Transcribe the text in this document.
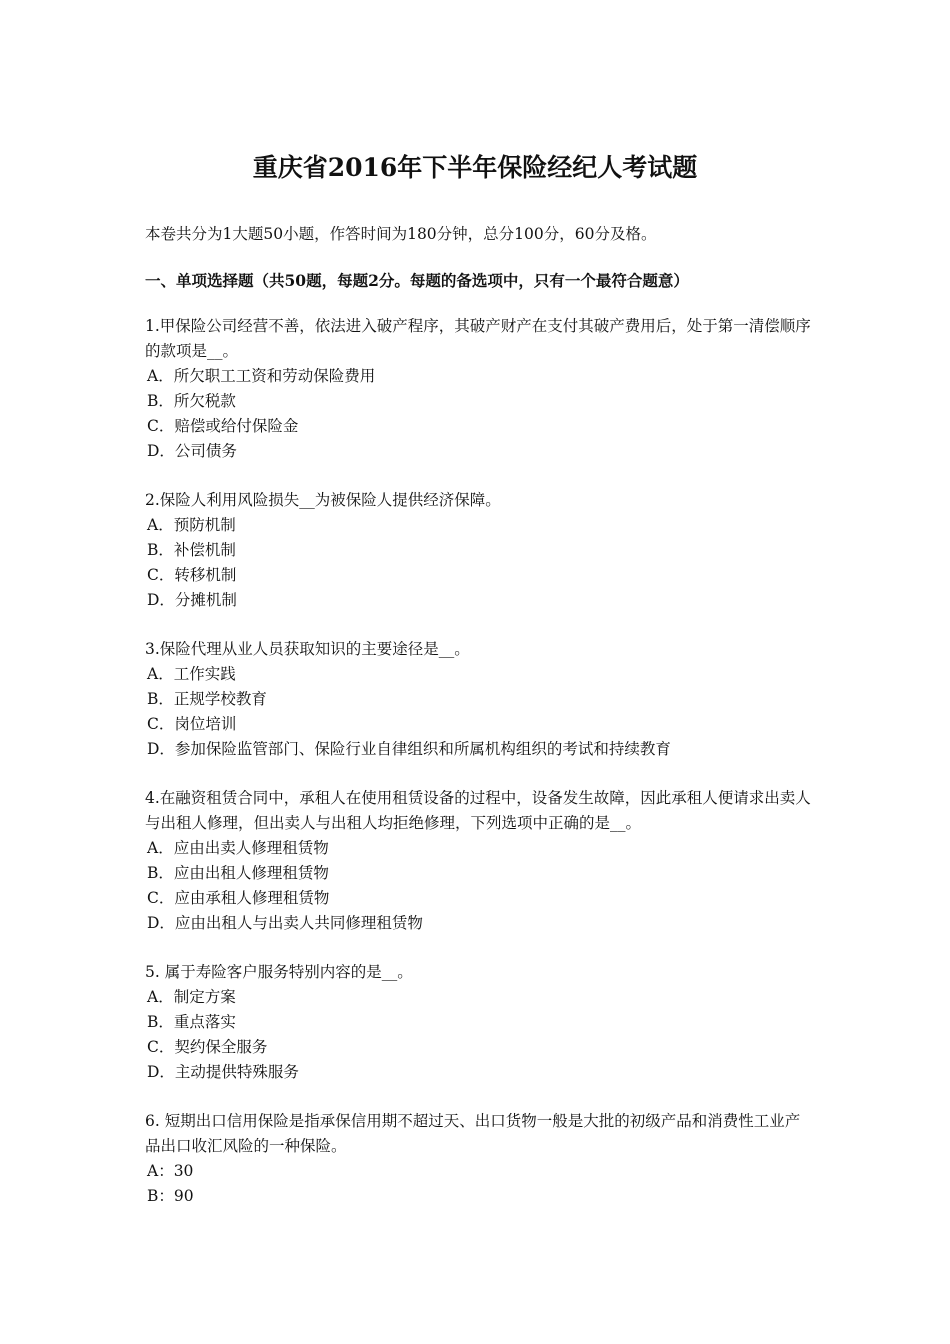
重庆省2016年下半年保险经纪人考试题

本卷共分为1大题50小题，作答时间为180分钟，总分100分，60分及格。

一、单项选择题（共50题，每题2分。每题的备选项中，只有一个最符合题意）

1.甲保险公司经营不善，依法进入破产程序，其破产财产在支付其破产费用后，处于第一清偿顺序的款项是__。

A．所欠职工工资和劳动保险费用
B．所欠税款
C．赔偿或给付保险金
D．公司债务

2.保险人利用风险损失__为被保险人提供经济保障。

A．预防机制
B．补偿机制
C．转移机制
D．分摊机制

3.保险代理从业人员获取知识的主要途径是__。

A．工作实践
B．正规学校教育
C．岗位培训
D．参加保险监管部门、保险行业自律组织和所属机构组织的考试和持续教育

4.在融资租赁合同中，承租人在使用租赁设备的过程中，设备发生故障，因此承租人便请求出卖人与出租人修理，但出卖人与出租人均拒绝修理，下列选项中正确的是__。

A．应由出卖人修理租赁物
B．应由出租人修理租赁物
C．应由承租人修理租赁物
D．应由出租人与出卖人共同修理租赁物

5. 属于寿险客户服务特别内容的是__。

A．制定方案
B．重点落实
C．契约保全服务
D．主动提供特殊服务

6. 短期出口信用保险是指承保信用期不超过天、出口货物一般是大批的初级产品和消费性工业产品出口收汇风险的一种保险。

A：30
B：90
